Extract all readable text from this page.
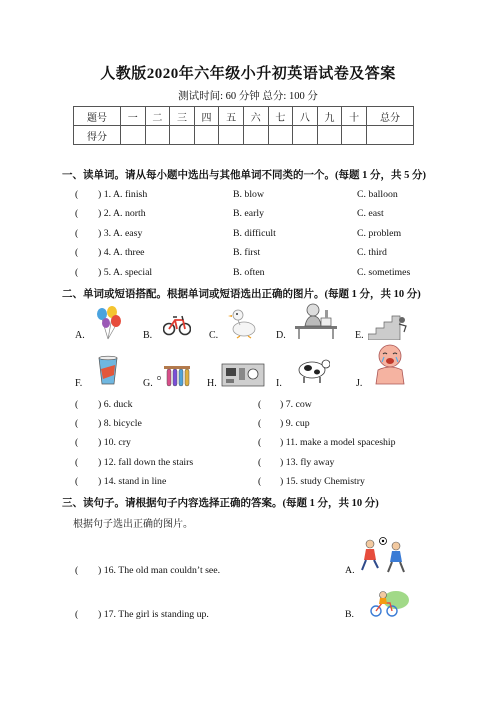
人教版2020年六年级小升初英语试卷及答案
测试时间: 60 分钟 总分: 100 分
题号	一	二	三	四	五	六	七	八	九	十	总分
得分											
一、读单词。请从每小题中选出与其他单词不同类的一个。(每题 1 分，共 5 分)
( ) 1. A. finish	B. blow	C. balloon
( ) 2. A. north	B. early	C. east
( ) 3. A. easy	B. difficult	C. problem
( ) 4. A. three	B. first	C. third
( ) 5. A. special	B. often	C. sometimes
二、单词或短语搭配。根据单词或短语选出正确的图片。(每题 1 分，共 10 分)
A.	B.	C.	D.	E.
F.	G.	H.	I.	J.
( ) 6. duck	( ) 7. cow
( ) 8. bicycle	( ) 9. cup
( ) 10. cry	( ) 11. make a model spaceship
( ) 12. fall down the stairs	( ) 13. fly away
( ) 14. stand in line	( ) 15. study Chemistry
三、读句子。请根据句子内容选择正确的答案。(每题 1 分，共 10 分)
根据句子选出正确的图片。
( ) 16. The old man couldn’t see.	A.
( ) 17. The girl is standing up.	B.
